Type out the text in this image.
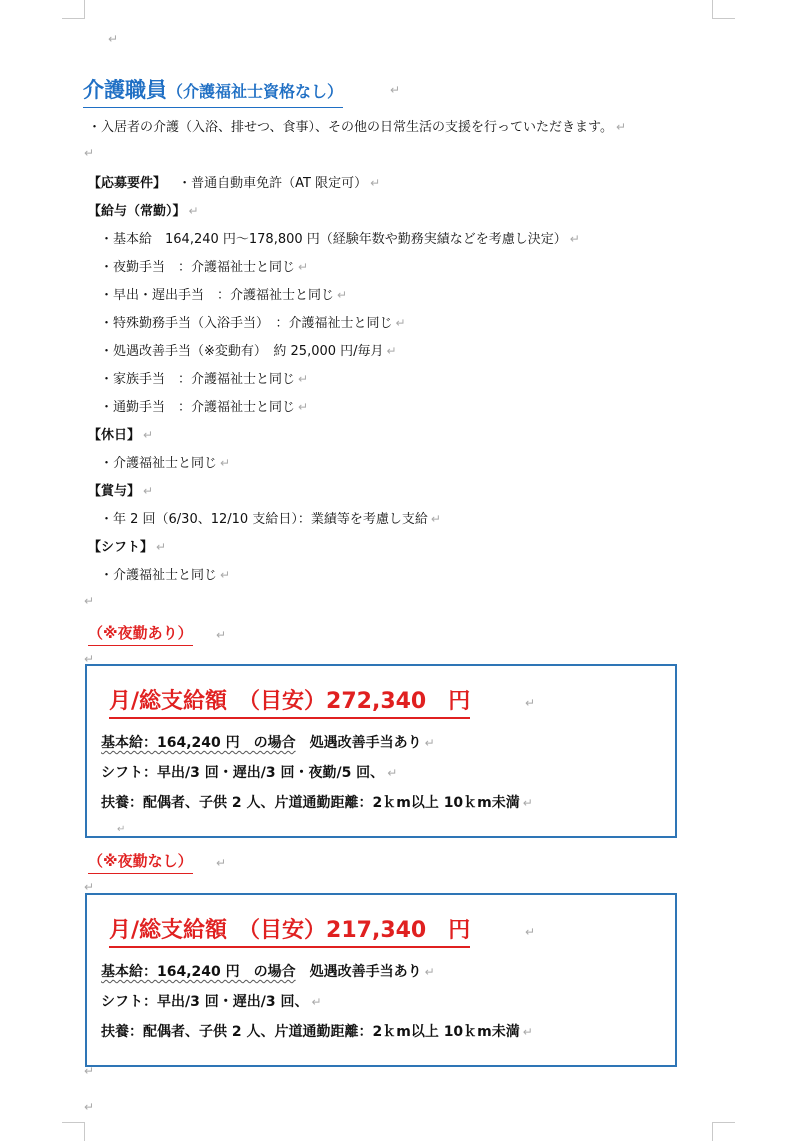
↵
介護職員（介護福祉士資格なし）	↵
・入居者の介護（入浴、排せつ、食事）、その他の日常生活の支援を行っていただきます。 ↵
↵
【応募要件】 ・普通自動車免許（AT 限定可） ↵
【給与（常勤）】 ↵
・基本給　164,240 円～178,800 円（経験年数や勤務実績などを考慮し決定） ↵
・夜勤手当　：介護福祉士と同じ ↵
・早出・遅出手当　：介護福祉士と同じ ↵
・特殊勤務手当（入浴手当）　：介護福祉士と同じ ↵
・処遇改善手当（※変動有）　約 25,000 円/毎月 ↵
・家族手当　：介護福祉士と同じ ↵
・通勤手当　：介護福祉士と同じ ↵
【休日】 ↵
・介護福祉士と同じ ↵
【賞与】 ↵
・年 2 回（6/30、12/10 支給日）：業績等を考慮し支給 ↵
【シフト】 ↵
・介護福祉士と同じ ↵
↵
（※夜勤あり） ↵
↵
月/総支給額　（目安）272,340　円	↵
基本給：164,240 円　の場合　処遇改善手当あり ↵
シフト：早出/3 回・遅出/3 回・夜勤/5 回、 ↵
扶養：配偶者、子供 2 人、片道通勤距離：2ｋm以上 10ｋm未満 ↵
↵
（※夜勤なし） ↵
↵
月/総支給額　（目安）217,340　円	↵
基本給：164,240 円　の場合　処遇改善手当あり ↵
シフト：早出/3 回・遅出/3 回、 ↵
扶養：配偶者、子供 2 人、片道通勤距離：2ｋm以上 10ｋm未満 ↵
↵
↵
